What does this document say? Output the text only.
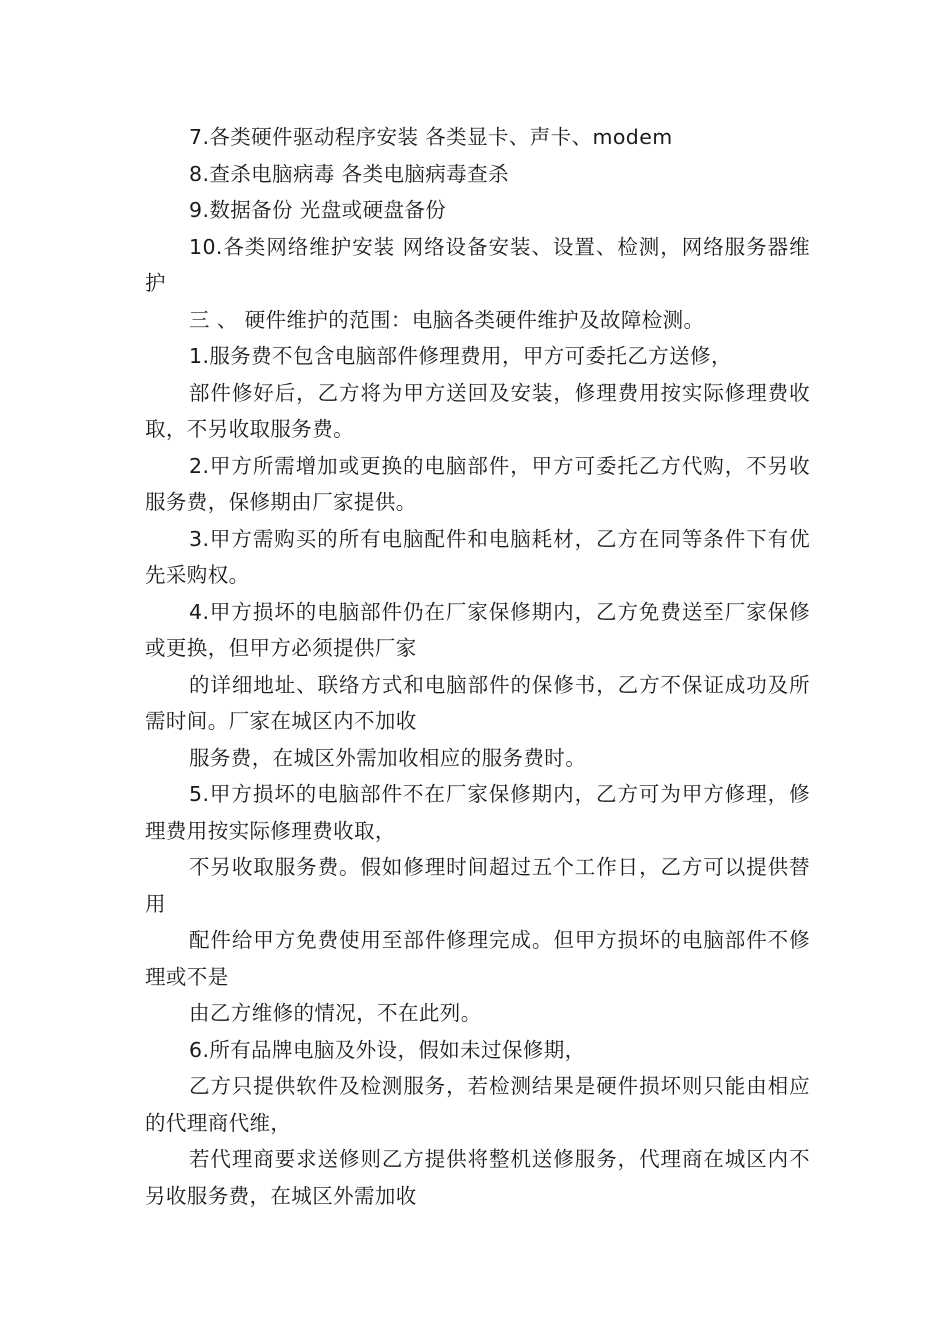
7.各类硬件驱动程序安装 各类显卡、声卡、modem

8.查杀电脑病毒 各类电脑病毒查杀

9.数据备份 光盘或硬盘备份

10.各类网络维护安装 网络设备安装、设置、检测，网络服务器维护

三 、 硬件维护的范围：电脑各类硬件维护及故障检测。

1.服务费不包含电脑部件修理费用，甲方可委托乙方送修，

部件修好后，乙方将为甲方送回及安装，修理费用按实际修理费收取，不另收取服务费。

2.甲方所需增加或更换的电脑部件，甲方可委托乙方代购，不另收服务费，保修期由厂家提供。

3.甲方需购买的所有电脑配件和电脑耗材，乙方在同等条件下有优先采购权。

4.甲方损坏的电脑部件仍在厂家保修期内，乙方免费送至厂家保修或更换，但甲方必须提供厂家

的详细地址、联络方式和电脑部件的保修书，乙方不保证成功及所需时间。厂家在城区内不加收

服务费，在城区外需加收相应的服务费时。

5.甲方损坏的电脑部件不在厂家保修期内，乙方可为甲方修理，修理费用按实际修理费收取，

不另收取服务费。假如修理时间超过五个工作日，乙方可以提供替用

配件给甲方免费使用至部件修理完成。但甲方损坏的电脑部件不修理或不是

由乙方维修的情况，不在此列。

6.所有品牌电脑及外设，假如未过保修期，

乙方只提供软件及检测服务，若检测结果是硬件损坏则只能由相应的代理商代维，

若代理商要求送修则乙方提供将整机送修服务，代理商在城区内不另收服务费，在城区外需加收
